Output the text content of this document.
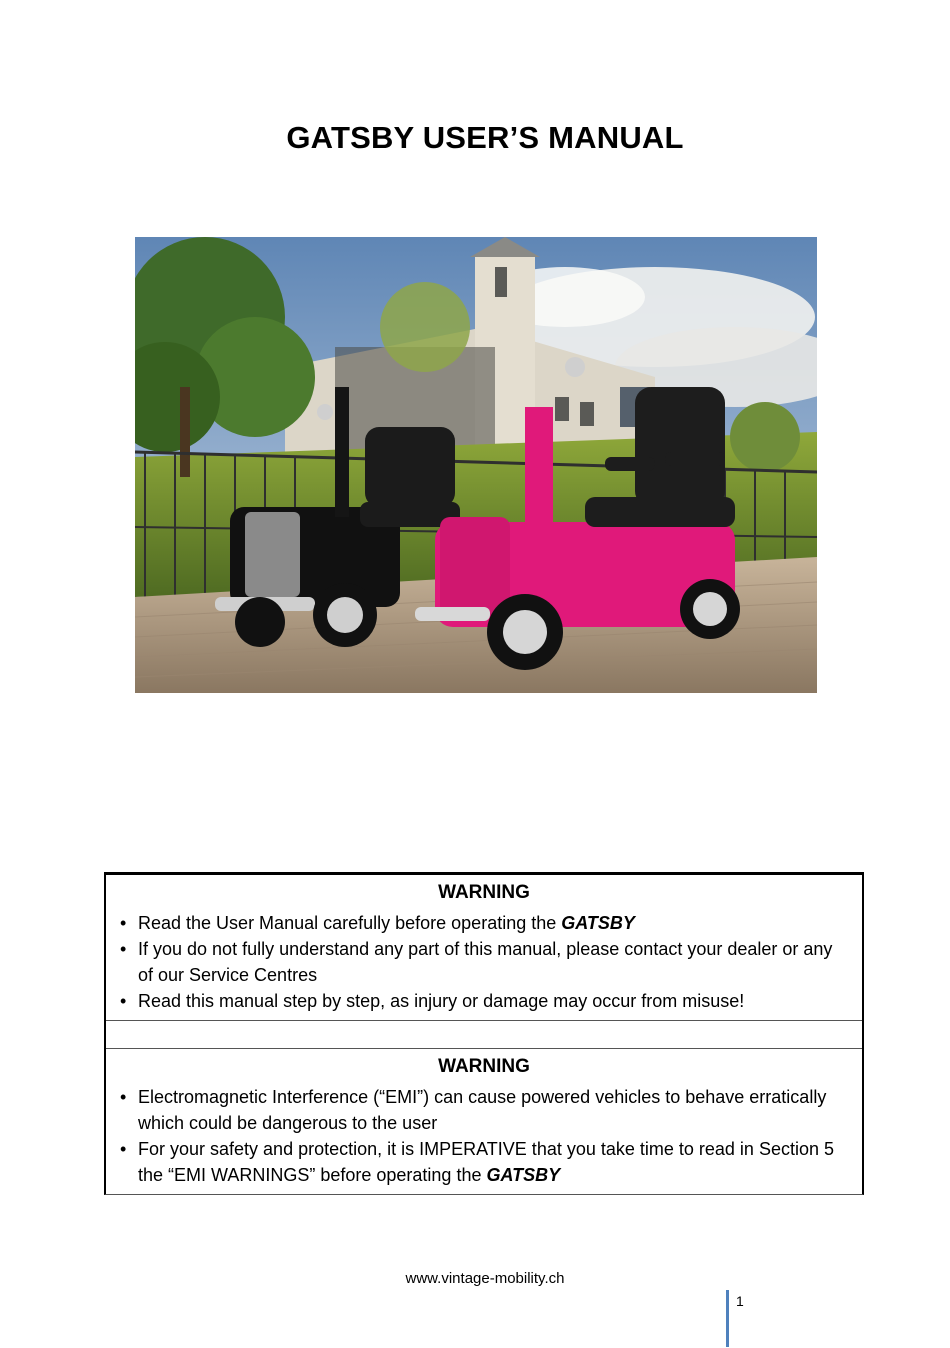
GATSBY USER’S MANUAL
WARNING
• Read the User Manual carefully before operating the GATSBY
• If you do not fully understand any part of this manual, please contact your dealer or any of our Service Centres
• Read this manual step by step, as injury or damage may occur from misuse!
WARNING
• Electromagnetic Interference (“EMI”) can cause powered vehicles to behave erratically which could be dangerous to the user
• For your safety and protection, it is IMPERATIVE that you take time to read in Section 5 the “EMI WARNINGS” before operating the GATSBY
www.vintage-mobility.ch
1
